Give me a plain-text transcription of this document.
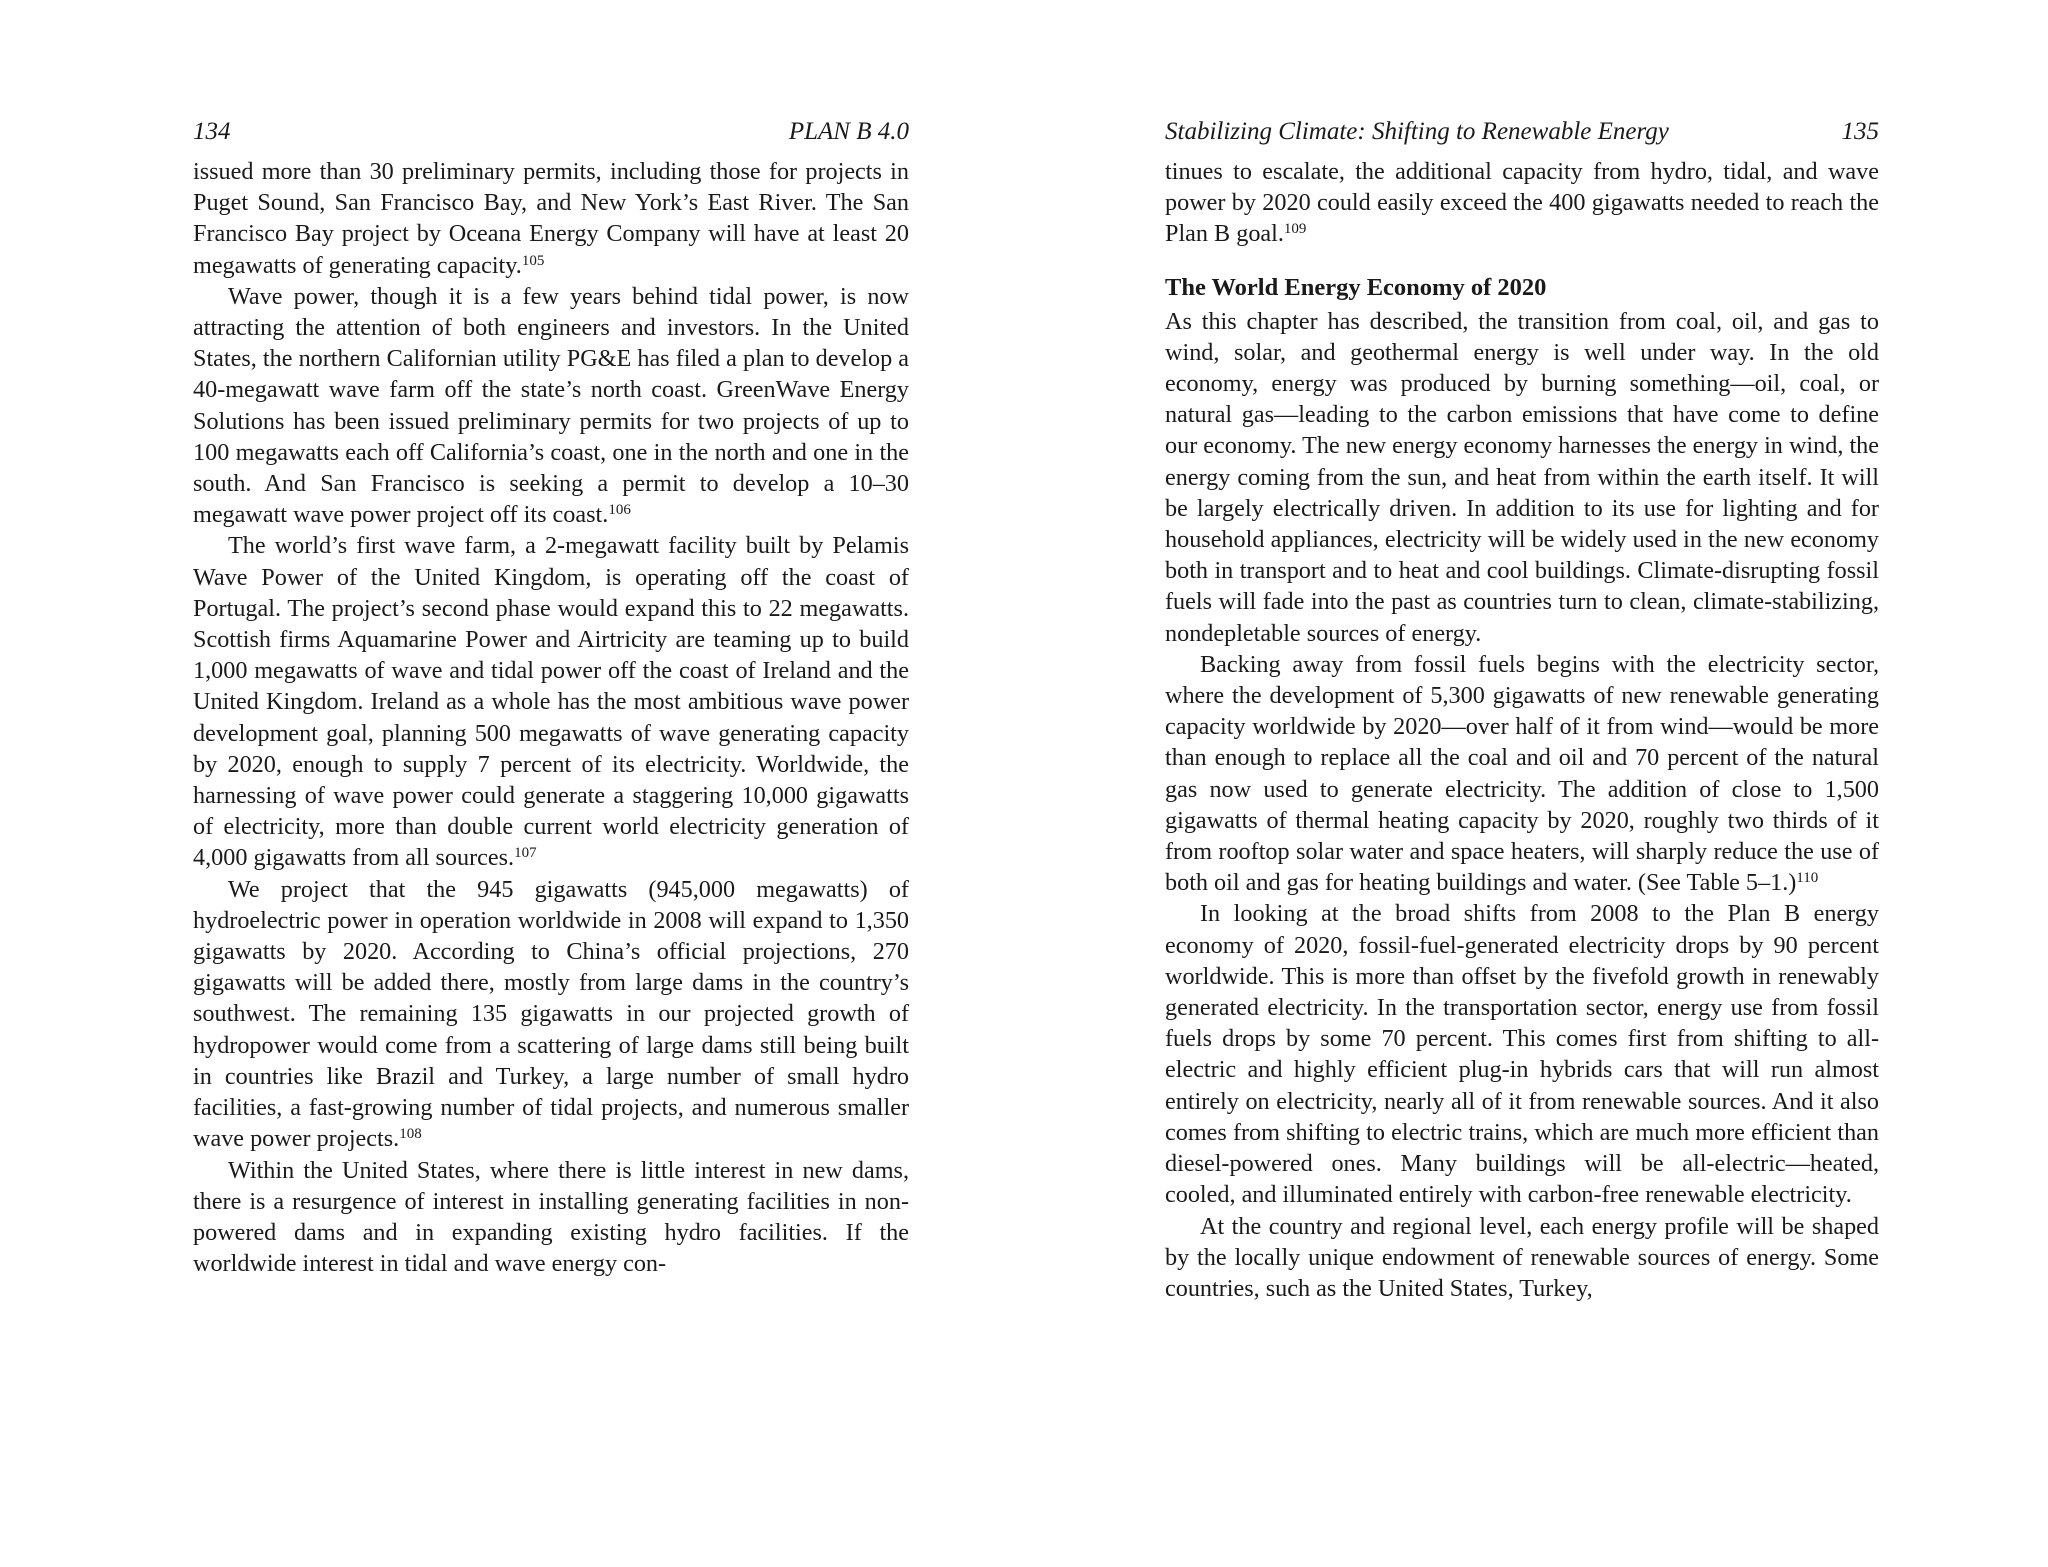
134	PLAN B 4.0

issued more than 30 preliminary permits, including those for projects in Puget Sound, San Francisco Bay, and New York’s East River. The San Francisco Bay project by Oceana Energy Company will have at least 20 megawatts of generating capacity.$^{105}$

Wave power, though it is a few years behind tidal power, is now attracting the attention of both engineers and investors. In the United States, the northern Californian utility PG&E has filed a plan to develop a 40-megawatt wave farm off the state’s north coast. GreenWave Energy Solutions has been issued preliminary permits for two projects of up to 100 megawatts each off California’s coast, one in the north and one in the south. And San Francisco is seeking a permit to develop a 10–30 megawatt wave power project off its coast.$^{106}$

The world’s first wave farm, a 2-megawatt facility built by Pelamis Wave Power of the United Kingdom, is operating off the coast of Portugal. The project’s second phase would expand this to 22 megawatts. Scottish firms Aquamarine Power and Airtricity are teaming up to build 1,000 megawatts of wave and tidal power off the coast of Ireland and the United Kingdom. Ireland as a whole has the most ambitious wave power development goal, planning 500 megawatts of wave generating capacity by 2020, enough to supply 7 percent of its electricity. Worldwide, the harnessing of wave power could generate a staggering 10,000 gigawatts of electricity, more than double current world electricity generation of 4,000 gigawatts from all sources.$^{107}$

We project that the 945 gigawatts (945,000 megawatts) of hydroelectric power in operation worldwide in 2008 will expand to 1,350 gigawatts by 2020. According to China’s official projections, 270 gigawatts will be added there, mostly from large dams in the country’s southwest. The remaining 135 gigawatts in our projected growth of hydropower would come from a scattering of large dams still being built in countries like Brazil and Turkey, a large number of small hydro facilities, a fast-growing number of tidal projects, and numerous smaller wave power projects.$^{108}$

Within the United States, where there is little interest in new dams, there is a resurgence of interest in installing generating facilities in non-powered dams and in expanding existing hydro facilities. If the worldwide interest in tidal and wave energy con-

Stabilizing Climate: Shifting to Renewable Energy	135

tinues to escalate, the additional capacity from hydro, tidal, and wave power by 2020 could easily exceed the 400 gigawatts needed to reach the Plan B goal.$^{109}$

The World Energy Economy of 2020

As this chapter has described, the transition from coal, oil, and gas to wind, solar, and geothermal energy is well under way. In the old economy, energy was produced by burning something—oil, coal, or natural gas—leading to the carbon emissions that have come to define our economy. The new energy economy harnesses the energy in wind, the energy coming from the sun, and heat from within the earth itself. It will be largely electrically driven. In addition to its use for lighting and for household appliances, electricity will be widely used in the new economy both in transport and to heat and cool buildings. Climate-disrupting fossil fuels will fade into the past as countries turn to clean, climate-stabilizing, nondepletable sources of energy.

Backing away from fossil fuels begins with the electricity sector, where the development of 5,300 gigawatts of new renewable generating capacity worldwide by 2020—over half of it from wind—would be more than enough to replace all the coal and oil and 70 percent of the natural gas now used to generate electricity. The addition of close to 1,500 gigawatts of thermal heating capacity by 2020, roughly two thirds of it from rooftop solar water and space heaters, will sharply reduce the use of both oil and gas for heating buildings and water. (See Table 5–1.)$^{110}$

In looking at the broad shifts from 2008 to the Plan B energy economy of 2020, fossil-fuel-generated electricity drops by 90 percent worldwide. This is more than offset by the fivefold growth in renewably generated electricity. In the transportation sector, energy use from fossil fuels drops by some 70 percent. This comes first from shifting to all-electric and highly efficient plug-in hybrids cars that will run almost entirely on electricity, nearly all of it from renewable sources. And it also comes from shifting to electric trains, which are much more efficient than diesel-powered ones. Many buildings will be all-electric—heated, cooled, and illuminated entirely with carbon-free renewable electricity.

At the country and regional level, each energy profile will be shaped by the locally unique endowment of renewable sources of energy. Some countries, such as the United States, Turkey,
